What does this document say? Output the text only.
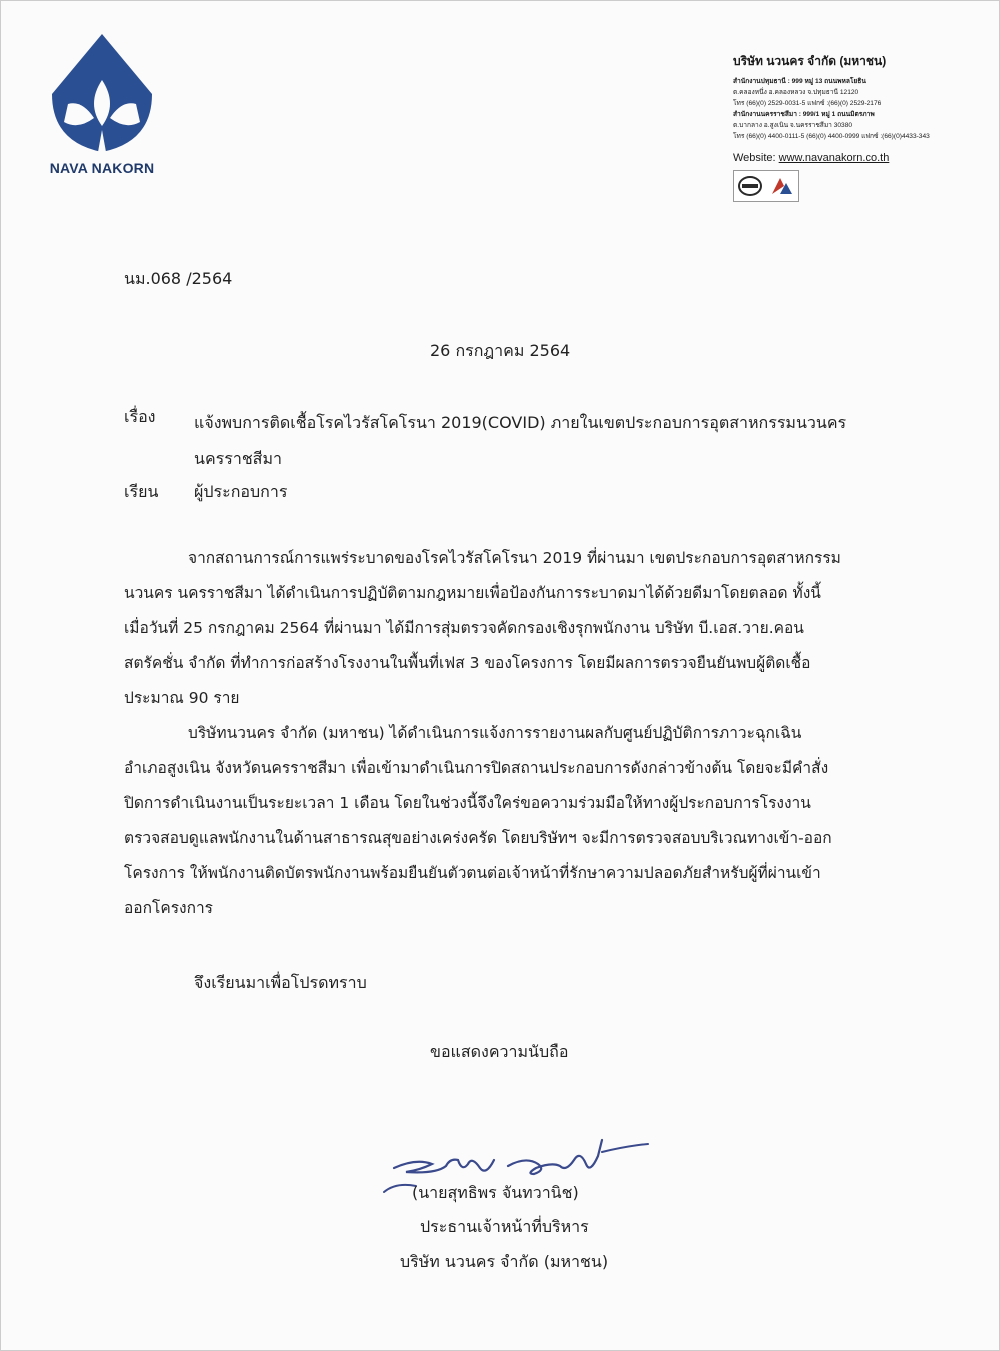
NAVA NAKORN
บริษัท นวนคร จำกัด (มหาชน)
สำนักงานปทุมธานี : 999 หมู่ 13 ถนนพหลโยธิน
ต.คลองหนึ่ง อ.คลองหลวง จ.ปทุมธานี 12120
โทร (66)(0) 2529-0031-5 แฟกซ์ :(66)(0) 2529-2176
สำนักงานนครราชสีมา : 999/1 หมู่ 1 ถนนมิตรภาพ
ต.บากลาง อ.สูงเนิน จ.นครราชสีมา 30380
โทร (66)(0) 4400-0111-5 (66)(0) 4400-0999 แฟกซ์ :(66)(0)4433-343
Website: www.navanakorn.co.th
นม.068 /2564
26 กรกฎาคม 2564
เรื่อง แจ้งพบการติดเชื้อโรคไวรัสโคโรนา 2019(COVID) ภายในเขตประกอบการอุตสาหกรรมนวนคร นครราชสีมา
เรียน ผู้ประกอบการ
จากสถานการณ์การแพร่ระบาดของโรคไวรัสโคโรนา 2019 ที่ผ่านมา เขตประกอบการอุตสาหกรรม
นวนคร นครราชสีมา ได้ดำเนินการปฏิบัติตามกฎหมายเพื่อป้องกันการระบาดมาได้ด้วยดีมาโดยตลอด ทั้งนี้
เมื่อวันที่ 25 กรกฎาคม 2564 ที่ผ่านมา ได้มีการสุ่มตรวจคัดกรองเชิงรุกพนักงาน บริษัท บี.เอส.วาย.คอน
สตรัคชั่น จำกัด ที่ทำการก่อสร้างโรงงานในพื้นที่เฟส 3 ของโครงการ โดยมีผลการตรวจยืนยันพบผู้ติดเชื้อ
ประมาณ 90 ราย
บริษัทนวนคร จำกัด (มหาชน) ได้ดำเนินการแจ้งการรายงานผลกับศูนย์ปฏิบัติการภาวะฉุกเฉิน
อำเภอสูงเนิน จังหวัดนครราชสีมา เพื่อเข้ามาดำเนินการปิดสถานประกอบการดังกล่าวข้างต้น โดยจะมีคำสั่ง
ปิดการดำเนินงานเป็นระยะเวลา 1 เดือน โดยในช่วงนี้จึงใคร่ขอความร่วมมือให้ทางผู้ประกอบการโรงงาน
ตรวจสอบดูแลพนักงานในด้านสาธารณสุขอย่างเคร่งครัด โดยบริษัทฯ จะมีการตรวจสอบบริเวณทางเข้า-ออก
โครงการ ให้พนักงานติดบัตรพนักงานพร้อมยืนยันตัวตนต่อเจ้าหน้าที่รักษาความปลอดภัยสำหรับผู้ที่ผ่านเข้า
ออกโครงการ
จึงเรียนมาเพื่อโปรดทราบ
ขอแสดงความนับถือ
(นายสุทธิพร จันทวานิช)
ประธานเจ้าหน้าที่บริหาร
บริษัท นวนคร จำกัด (มหาชน)
